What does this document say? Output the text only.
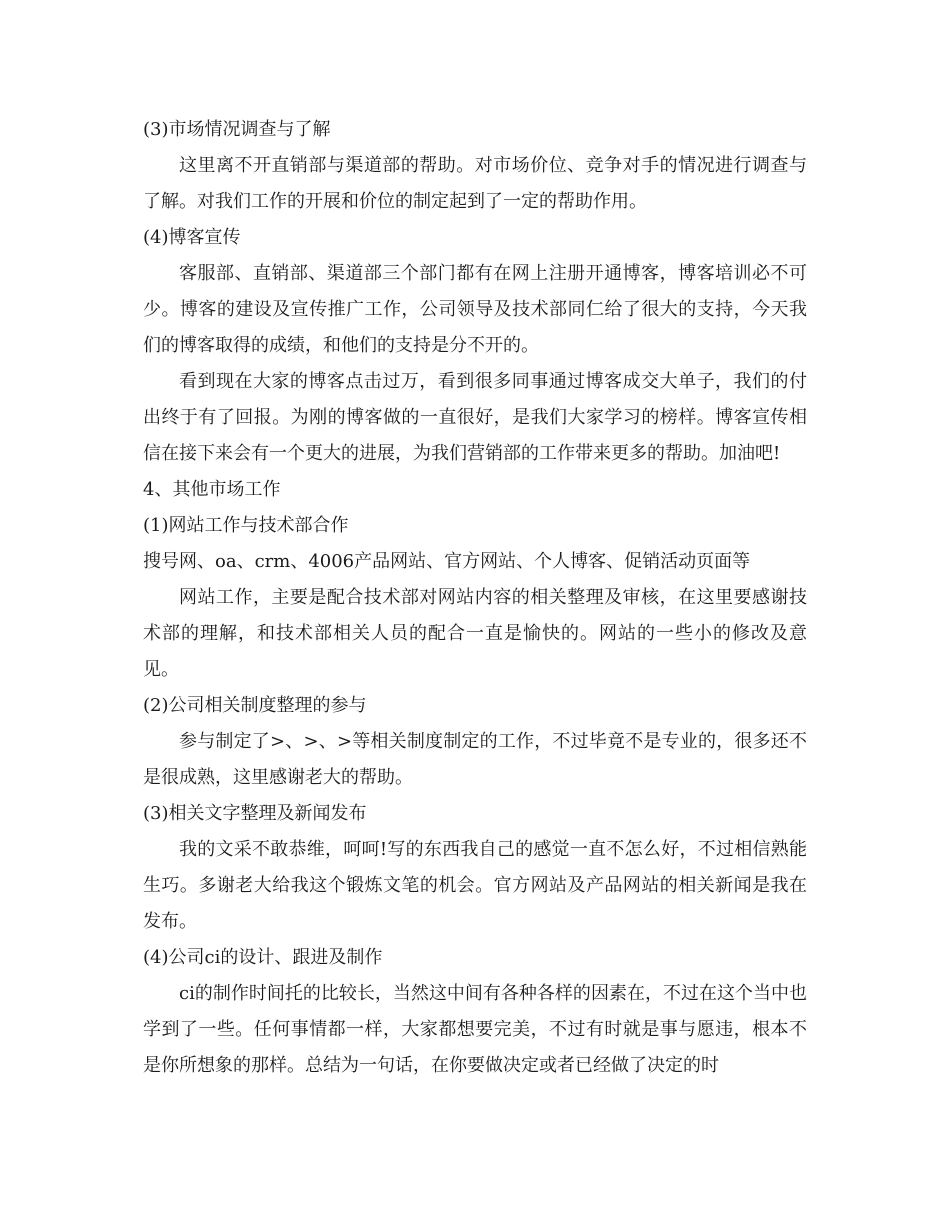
(3)市场情况调查与了解

这里离不开直销部与渠道部的帮助。对市场价位、竞争对手的情况进行调查与了解。对我们工作的开展和价位的制定起到了一定的帮助作用。

(4)博客宣传

客服部、直销部、渠道部三个部门都有在网上注册开通博客，博客培训必不可少。博客的建设及宣传推广工作，公司领导及技术部同仁给了很大的支持，今天我们的博客取得的成绩，和他们的支持是分不开的。

看到现在大家的博客点击过万，看到很多同事通过博客成交大单子，我们的付出终于有了回报。为刚的博客做的一直很好，是我们大家学习的榜样。博客宣传相信在接下来会有一个更大的进展，为我们营销部的工作带来更多的帮助。加油吧!

4、其他市场工作

(1)网站工作与技术部合作

搜号网、oa、crm、4006产品网站、官方网站、个人博客、促销活动页面等

网站工作，主要是配合技术部对网站内容的相关整理及审核，在这里要感谢技术部的理解，和技术部相关人员的配合一直是愉快的。网站的一些小的修改及意见。

(2)公司相关制度整理的参与

参与制定了>、>、>等相关制度制定的工作，不过毕竟不是专业的，很多还不是很成熟，这里感谢老大的帮助。

(3)相关文字整理及新闻发布

我的文采不敢恭维，呵呵!写的东西我自己的感觉一直不怎么好，不过相信熟能生巧。多谢老大给我这个锻炼文笔的机会。官方网站及产品网站的相关新闻是我在发布。

(4)公司ci的设计、跟进及制作

ci的制作时间托的比较长，当然这中间有各种各样的因素在，不过在这个当中也学到了一些。任何事情都一样，大家都想要完美，不过有时就是事与愿违，根本不是你所想象的那样。总结为一句话，在你要做决定或者已经做了决定的时
